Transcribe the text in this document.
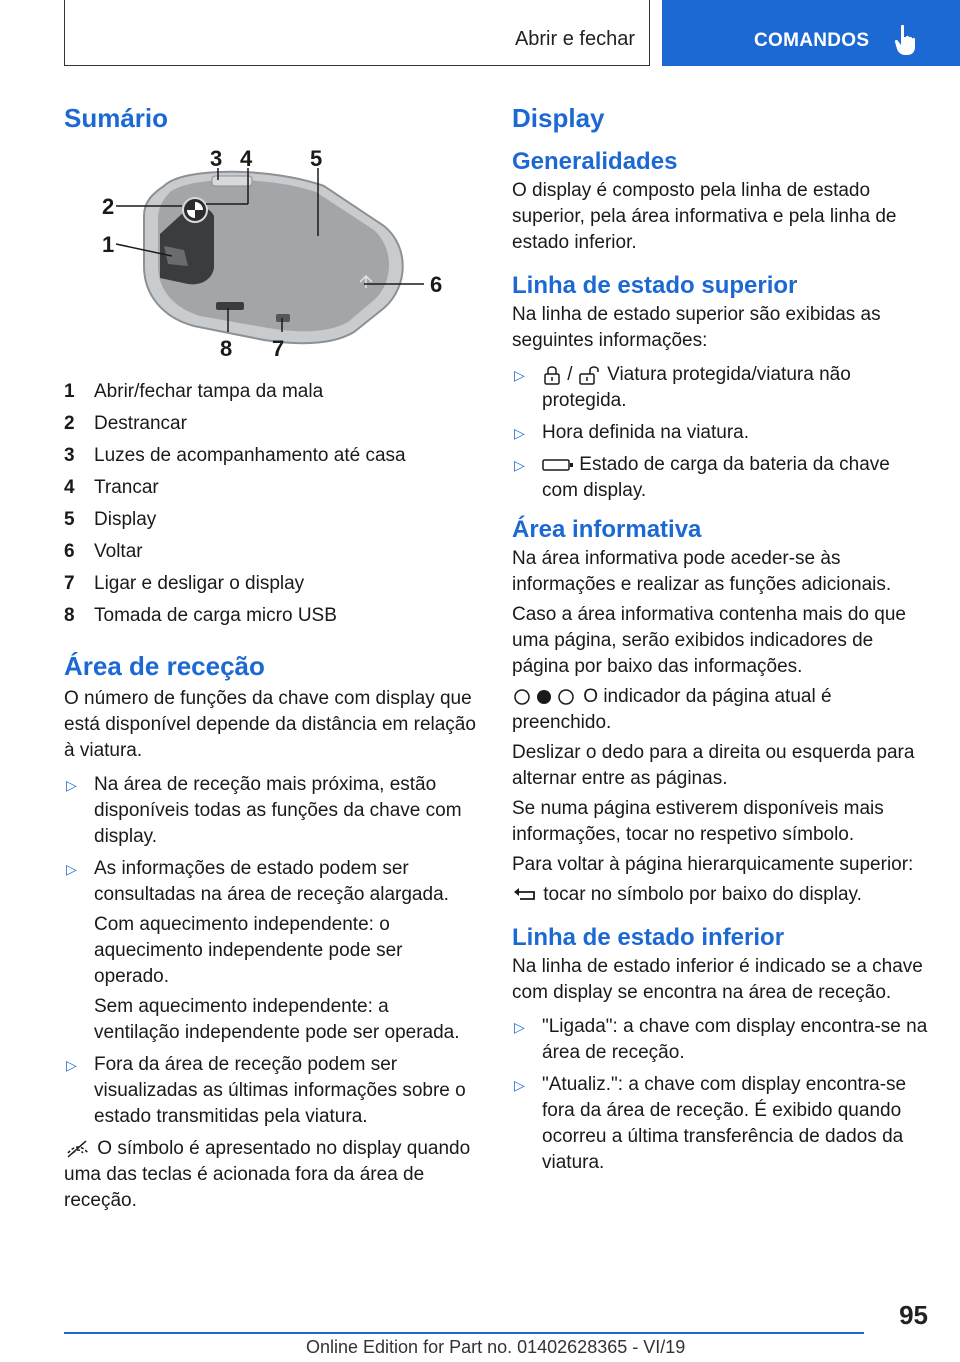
Abrir e fechar	COMANDOS
Sumário
1
2
3 4	5
6
7
8
1	Abrir/fechar tampa da mala
2	Destrancar
3	Luzes de acompanhamento até casa
4	Trancar
5	Display
6	Voltar
7	Ligar e desligar o display
8	Tomada de carga micro USB
Área de receção

O número de funções da chave com display que está disponível depende da distância em relação à viatura.

▷ Na área de receção mais próxima, estão disponíveis todas as funções da chave com display.

▷ As informações de estado podem ser consultadas na área de receção alargada.

Com aquecimento independente: o aquecimento independente pode ser operado.

Sem aquecimento independente: a ventilação independente pode ser operada.

▷ Fora da área de receção podem ser visualizadas as últimas informações sobre o estado transmitidas pela viatura.

O símbolo é apresentado no display quando uma das teclas é acionada fora da área de receção.

Display
Generalidades

O display é composto pela linha de estado superior, pela área informativa e pela linha de estado inferior.

Linha de estado superior

Na linha de estado superior são exibidas as seguintes informações:

▷	/ Viatura protegida/viatura não protegida.

▷ Hora definida na viatura.

▷	Estado de carga da bateria da chave com display.

Área informativa

Na área informativa pode aceder-se às informações e realizar as funções adicionais.

Caso a área informativa contenha mais do que uma página, serão exibidos indicadores de página por baixo das informações.

O indicador da página atual é preenchido.

Deslizar o dedo para a direita ou esquerda para alternar entre as páginas.

Se numa página estiverem disponíveis mais informações, tocar no respetivo símbolo.

Para voltar à página hierarquicamente superior:

tocar no símbolo por baixo do display.

Linha de estado inferior

Na linha de estado inferior é indicado se a chave com display se encontra na área de receção.

▷ "Ligada": a chave com display encontra-se na área de receção.

▷ "Atualiz.": a chave com display encontra-se fora da área de receção. É exibido quando ocorreu a última transferência de dados da viatura.

95
Online Edition for Part no. 01402628365 - VI/19
